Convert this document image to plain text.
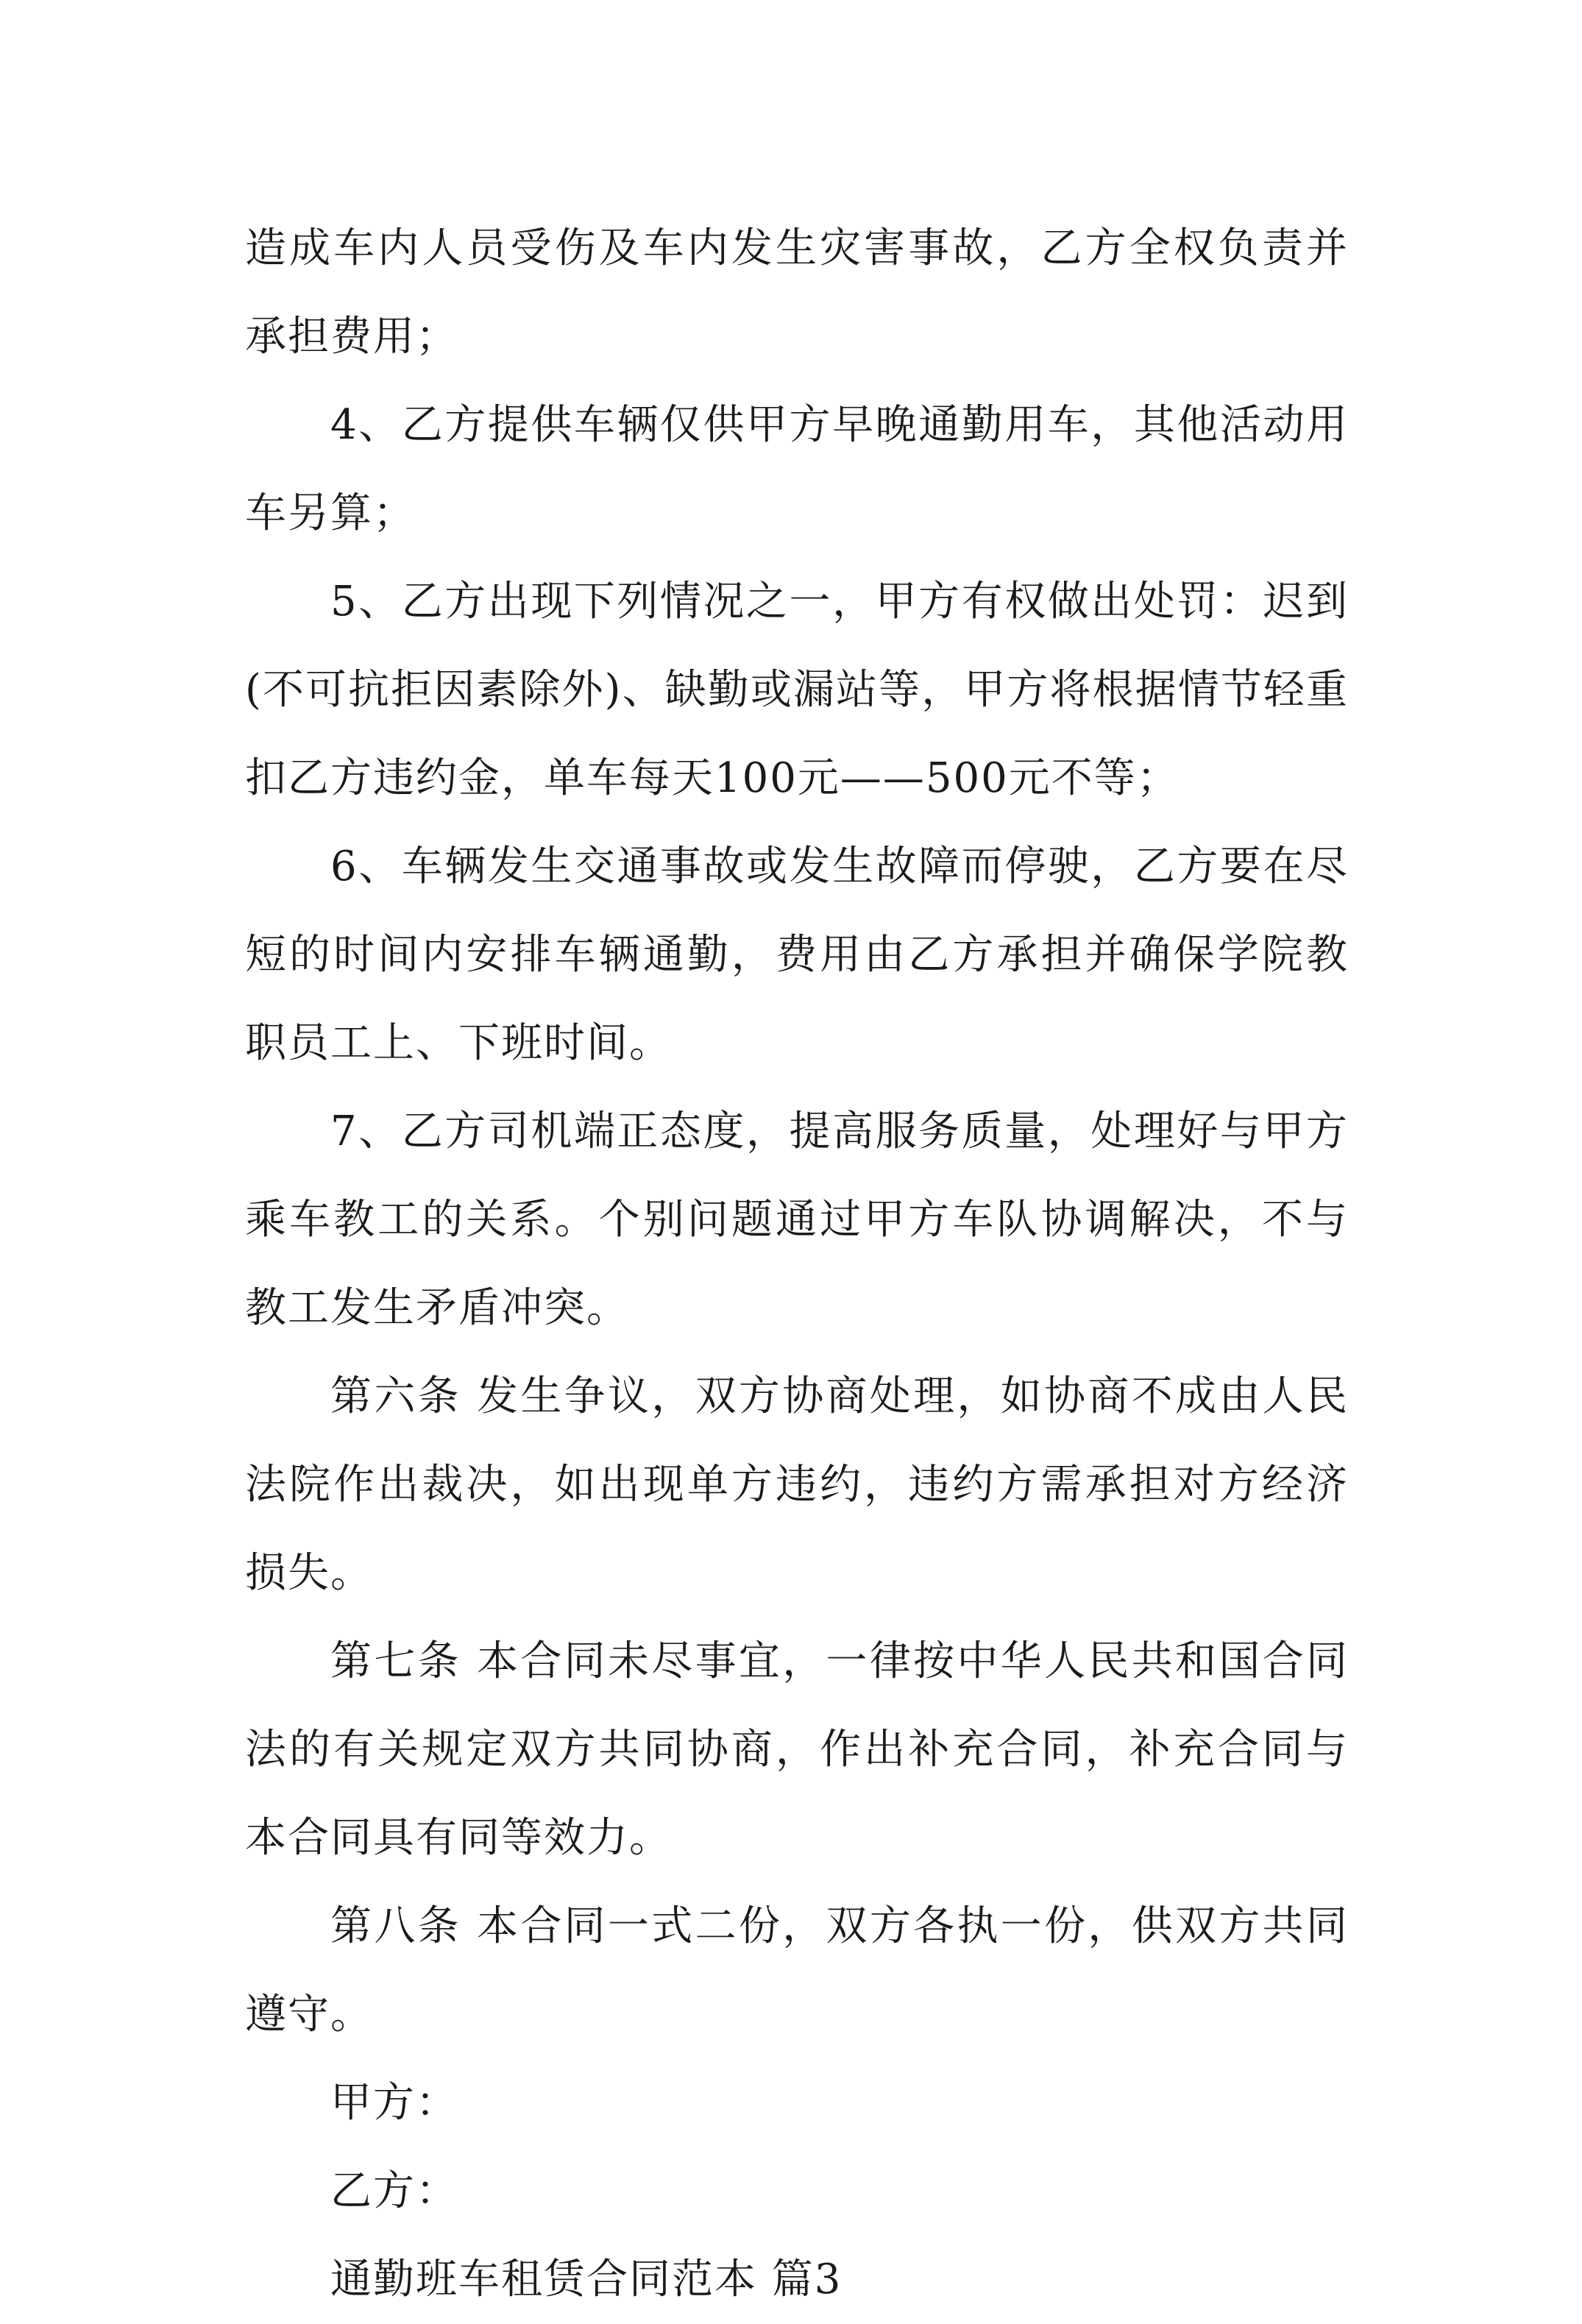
造成车内人员受伤及车内发生灾害事故，乙方全权负责并承担费用；

4、乙方提供车辆仅供甲方早晚通勤用车，其他活动用车另算；

5、乙方出现下列情况之一，甲方有权做出处罚：迟到(不可抗拒因素除外)、缺勤或漏站等，甲方将根据情节轻重扣乙方违约金，单车每天100元——500元不等；

6、车辆发生交通事故或发生故障而停驶，乙方要在尽短的时间内安排车辆通勤，费用由乙方承担并确保学院教职员工上、下班时间。

7、乙方司机端正态度，提高服务质量，处理好与甲方乘车教工的关系。个别问题通过甲方车队协调解决，不与教工发生矛盾冲突。

第六条 发生争议，双方协商处理，如协商不成由人民法院作出裁决，如出现单方违约，违约方需承担对方经济损失。

第七条 本合同未尽事宜，一律按中华人民共和国合同法的有关规定双方共同协商，作出补充合同，补充合同与本合同具有同等效力。

第八条 本合同一式二份，双方各执一份，供双方共同遵守。

甲方：

乙方：

通勤班车租赁合同范本 篇3
